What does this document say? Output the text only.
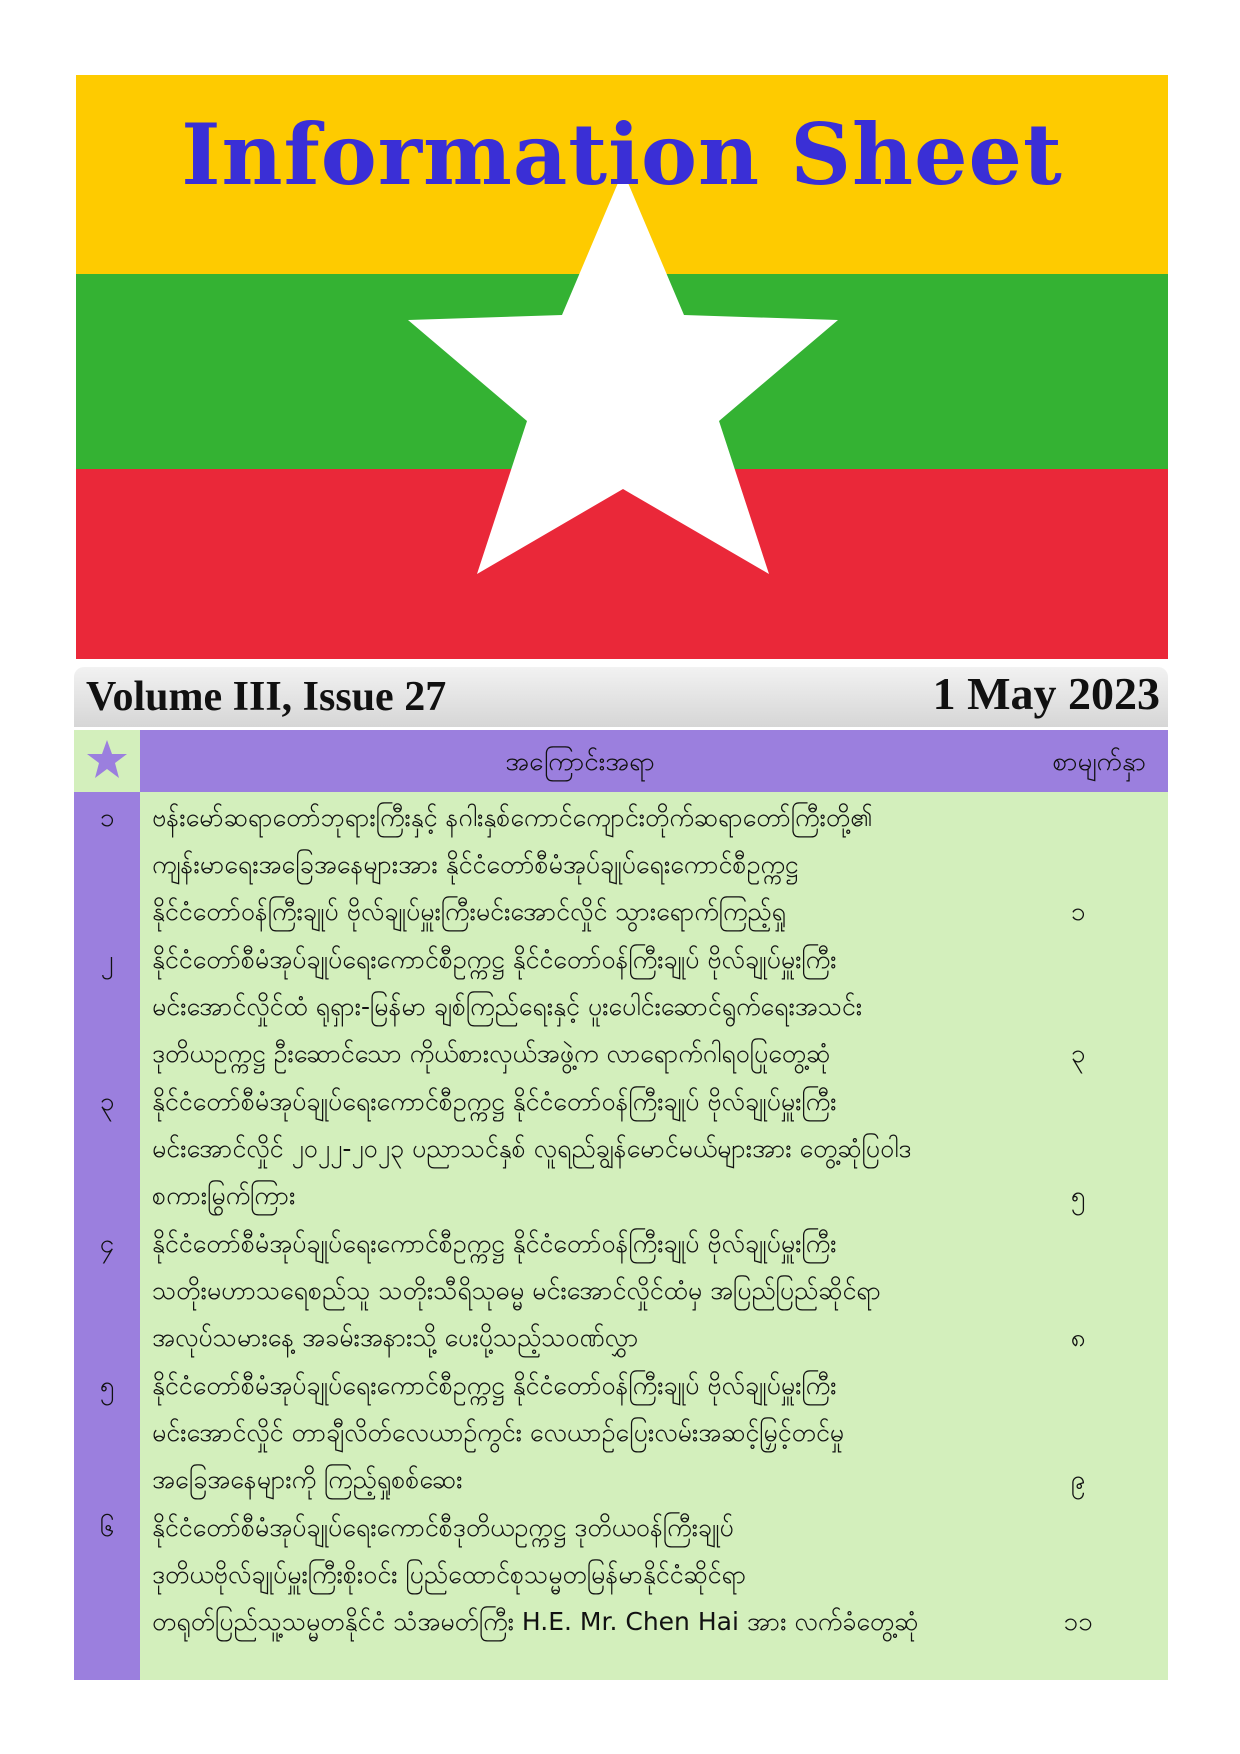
Information Sheet
Volume III, Issue 27	1 May 2023
အကြောင်းအရာ	စာမျက်နှာ
၁	ဗန်းမော်ဆရာတော်ဘုရားကြီးနှင့် နဂါးနှစ်ကောင်ကျောင်းတိုက်ဆရာတော်ကြီးတို့၏
ကျန်းမာရေးအခြေအနေများအား နိုင်ငံတော်စီမံအုပ်ချုပ်ရေးကောင်စီဥက္ကဋ္ဌ
နိုင်ငံတော်ဝန်ကြီးချုပ် ဗိုလ်ချုပ်မှူးကြီးမင်းအောင်လှိုင် သွားရောက်ကြည့်ရှု	၁
၂	နိုင်ငံတော်စီမံအုပ်ချုပ်ရေးကောင်စီဥက္ကဋ္ဌ နိုင်ငံတော်ဝန်ကြီးချုပ် ဗိုလ်ချုပ်မှူးကြီး
မင်းအောင်လှိုင်ထံ ရုရှား-မြန်မာ ချစ်ကြည်ရေးနှင့် ပူးပေါင်းဆောင်ရွက်ရေးအသင်း
ဒုတိယဥက္ကဋ္ဌ ဦးဆောင်သော ကိုယ်စားလှယ်အဖွဲ့က လာရောက်ဂါရဝပြုတွေ့ဆုံ	၃
၃	နိုင်ငံတော်စီမံအုပ်ချုပ်ရေးကောင်စီဥက္ကဋ္ဌ နိုင်ငံတော်ဝန်ကြီးချုပ် ဗိုလ်ချုပ်မှူးကြီး
မင်းအောင်လှိုင် ၂၀၂၂-၂၀၂၃ ပညာသင်နှစ် လူရည်ချွန်မောင်မယ်များအား တွေ့ဆုံပြဝါဒ
စကားမြွက်ကြား	၅
၄	နိုင်ငံတော်စီမံအုပ်ချုပ်ရေးကောင်စီဥက္ကဋ္ဌ နိုင်ငံတော်ဝန်ကြီးချုပ် ဗိုလ်ချုပ်မှူးကြီး
သတိုးမဟာသရေစည်သူ သတိုးသီရိသုဓမ္မ မင်းအောင်လှိုင်ထံမှ အပြည်ပြည်ဆိုင်ရာ
အလုပ်သမားနေ့ အခမ်းအနားသို့ ပေးပို့သည့်သဝဏ်လွှာ	၈
၅	နိုင်ငံတော်စီမံအုပ်ချုပ်ရေးကောင်စီဥက္ကဋ္ဌ နိုင်ငံတော်ဝန်ကြီးချုပ် ဗိုလ်ချုပ်မှူးကြီး
မင်းအောင်လှိုင် တာချီလိတ်လေယာဉ်ကွင်း လေယာဉ်ပြေးလမ်းအဆင့်မြှင့်တင်မှု
အခြေအနေများကို ကြည့်ရှုစစ်ဆေး	၉
၆	နိုင်ငံတော်စီမံအုပ်ချုပ်ရေးကောင်စီဒုတိယဥက္ကဋ္ဌ ဒုတိယဝန်ကြီးချုပ်
ဒုတိယဗိုလ်ချုပ်မှူးကြီးစိုးဝင်း ပြည်ထောင်စုသမ္မတမြန်မာနိုင်ငံဆိုင်ရာ
တရုတ်ပြည်သူ့သမ္မတနိုင်ငံ သံအမတ်ကြီး H.E. Mr. Chen Hai အား လက်ခံတွေ့ဆုံ	၁၁
